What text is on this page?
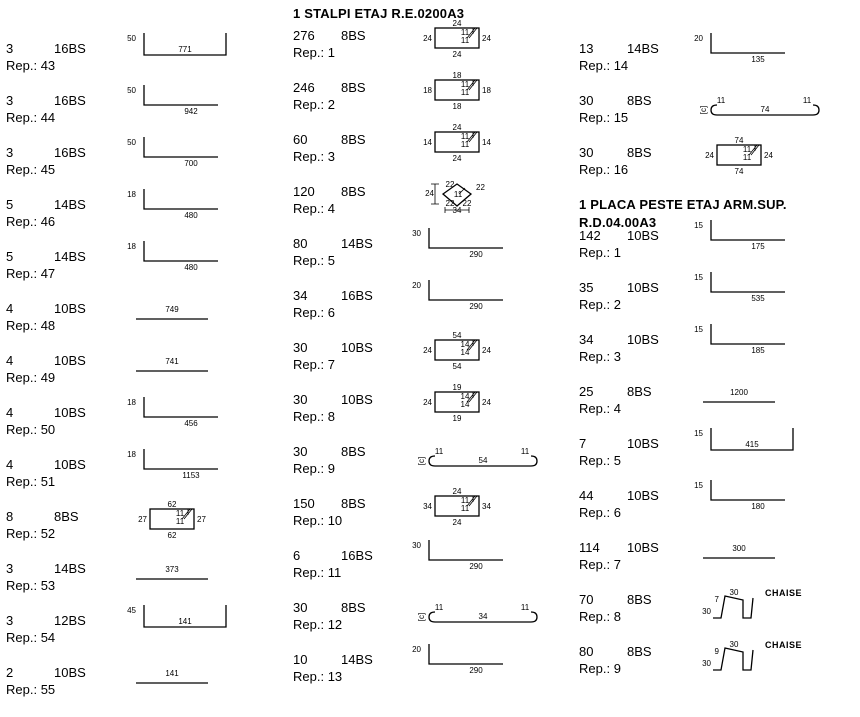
1 STALPI ETAJ R.E.0200A3
1 PLACA PESTE ETAJ ARM.SUP.
R.D.04.00A3
3	16BS
Rep.: 43
50
771
3	16BS
Rep.: 44
50
942
3	16BS
Rep.: 45
50
700
5	14BS
Rep.: 46
18
480
5	14BS
Rep.: 47
18
480
4	10BS
Rep.: 48
749
4	10BS
Rep.: 49
741
4	10BS
Rep.: 50
18
456
4	10BS
Rep.: 51
18
1153
8	8BS
Rep.: 52
62
62
27	27
11
11
3	14BS
Rep.: 53
373
3	12BS
Rep.: 54
45
141
2	10BS
Rep.: 55
141
276 8BS
Rep.: 1
24
24
24	24
11
11
246 8BS
Rep.: 2
18
18
18	18
11
11
60	8BS
Rep.: 3
24
24
14	14
11
11
120 8BS
Rep.: 4
22	22
22 22
11
24
34
80	14BS
Rep.: 5
30
290
34	16BS
Rep.: 6
20
290
30	10BS
Rep.: 7
54
54
24	24
14
14
30	10BS
Rep.: 8
19
19
24	24
14
14
30	8BS
Rep.: 9
11
54
11
[c]
150 8BS
Rep.: 10
24
24
34	34
11
11
6	16BS
Rep.: 11
30
290
30	8BS
Rep.: 12
11
34
11
[c]
10	14BS
Rep.: 13
20
290
13	14BS
Rep.: 14
20
135
30	8BS
Rep.: 15
11
74
11
[c]
30	8BS
Rep.: 16
74
74
24	24
11
11
142 10BS
Rep.: 1
15
175
35	10BS
Rep.: 2
15
535
34	10BS
Rep.: 3
15
185
25	8BS
Rep.: 4
1200
7	10BS
Rep.: 5
15
415
44	10BS
Rep.: 6
15
180
114 10BS
Rep.: 7
300
70	8BS
Rep.: 8
7
30
30
CHAISE
80	8BS
Rep.: 9
9
30
30
CHAISE
